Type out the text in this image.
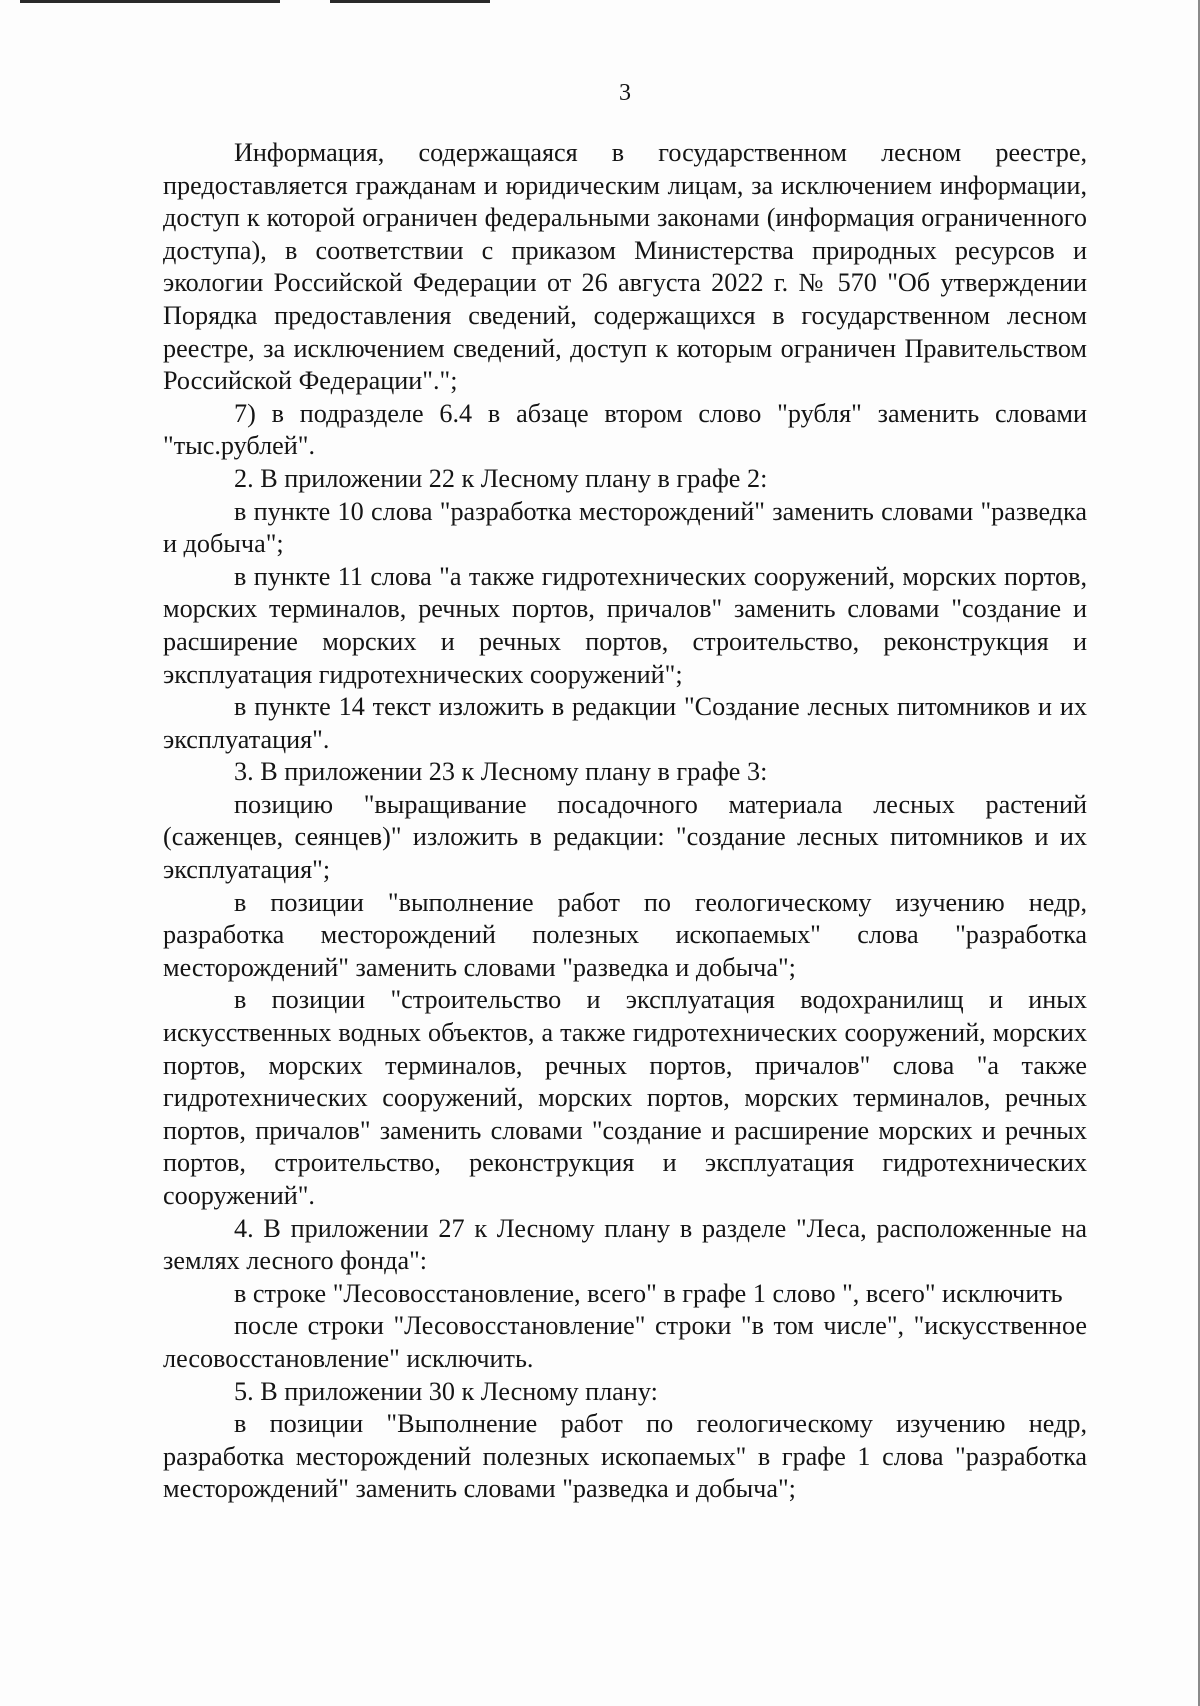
3

Информация, содержащаяся в государственном лесном реестре, предоставляется гражданам и юридическим лицам, за исключением информации, доступ к которой ограничен федеральными законами (информация ограниченного доступа), в соответствии с приказом Министерства природных ресурсов и экологии Российской Федерации от 26 августа 2022 г. № 570 "Об утверждении Порядка предоставления сведений, содержащихся в государственном лесном реестре, за исключением сведений, доступ к которым ограничен Правительством Российской Федерации".";

7) в подразделе 6.4 в абзаце втором слово "рубля" заменить словами "тыс.рублей".

2. В приложении 22 к Лесному плану в графе 2:

в пункте 10 слова "разработка месторождений" заменить словами "разведка и добыча";

в пункте 11 слова "а также гидротехнических сооружений, морских портов, морских терминалов, речных портов, причалов" заменить словами "создание и расширение морских и речных портов, строительство, реконструкция и эксплуатация гидротехнических сооружений";

в пункте 14 текст изложить в редакции "Создание лесных питомников и их эксплуатация".

3. В приложении 23 к Лесному плану в графе 3:

позицию "выращивание посадочного материала лесных растений (саженцев, сеянцев)" изложить в редакции: "создание лесных питомников и их эксплуатация";

в позиции "выполнение работ по геологическому изучению недр, разработка месторождений полезных ископаемых" слова "разработка месторождений" заменить словами "разведка и добыча";

в позиции "строительство и эксплуатация водохранилищ и иных искусственных водных объектов, а также гидротехнических сооружений, морских портов, морских терминалов, речных портов, причалов" слова "а также гидротехнических сооружений, морских портов, морских терминалов, речных портов, причалов" заменить словами "создание и расширение морских и речных портов, строительство, реконструкция и эксплуатация гидротехнических сооружений".

4. В приложении 27 к Лесному плану в разделе "Леса, расположенные на землях лесного фонда":

в строке "Лесовосстановление, всего" в графе 1 слово ", всего" исключить

после строки "Лесовосстановление" строки "в том числе", "искусственное лесовосстановление" исключить.

5. В приложении 30 к Лесному плану:

в позиции "Выполнение работ по геологическому изучению недр, разработка месторождений полезных ископаемых" в графе 1 слова "разработка месторождений" заменить словами "разведка и добыча";
